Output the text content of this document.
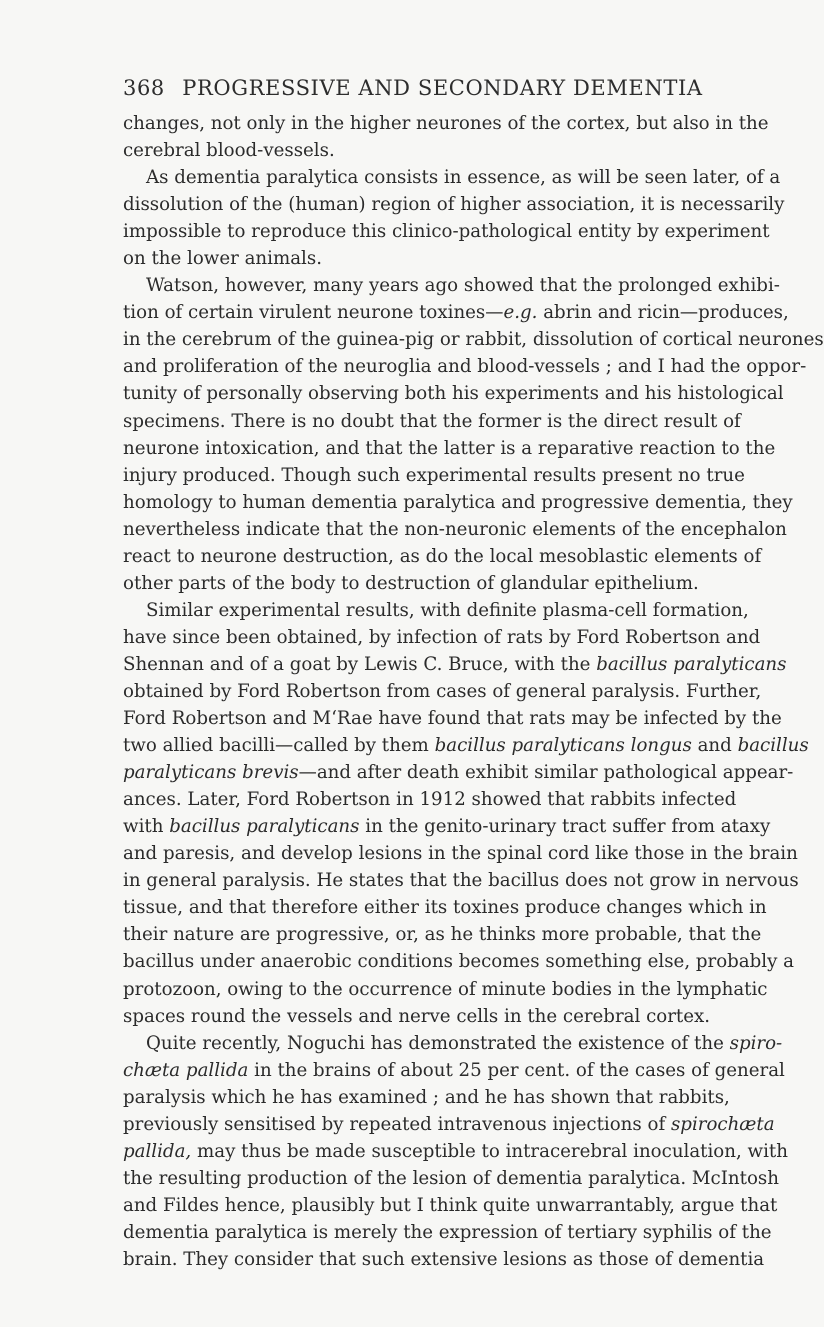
368 PROGRESSIVE AND SECONDARY DEMENTIA
changes, not only in the higher neurones of the cortex, but also in the
cerebral blood-vessels.
As dementia paralytica consists in essence, as will be seen later, of a
dissolution of the (human) region of higher association, it is necessarily
impossible to reproduce this clinico-pathological entity by experiment
on the lower animals.
Watson, however, many years ago showed that the prolonged exhibi-
tion of certain virulent neurone toxines—e.g. abrin and ricin—produces,
in the cerebrum of the guinea-pig or rabbit, dissolution of cortical neurones
and proliferation of the neuroglia and blood-vessels ; and I had the oppor-
tunity of personally observing both his experiments and his histological
specimens. There is no doubt that the former is the direct result of
neurone intoxication, and that the latter is a reparative reaction to the
injury produced. Though such experimental results present no true
homology to human dementia paralytica and progressive dementia, they
nevertheless indicate that the non-neuronic elements of the encephalon
react to neurone destruction, as do the local mesoblastic elements of
other parts of the body to destruction of glandular epithelium.
Similar experimental results, with definite plasma-cell formation,
have since been obtained, by infection of rats by Ford Robertson and
Shennan and of a goat by Lewis C. Bruce, with the bacillus paralyticans
obtained by Ford Robertson from cases of general paralysis. Further,
Ford Robertson and M‘Rae have found that rats may be infected by the
two allied bacilli—called by them bacillus paralyticans longus and bacillus
paralyticans brevis—and after death exhibit similar pathological appear-
ances. Later, Ford Robertson in 1912 showed that rabbits infected
with bacillus paralyticans in the genito-urinary tract suffer from ataxy
and paresis, and develop lesions in the spinal cord like those in the brain
in general paralysis. He states that the bacillus does not grow in nervous
tissue, and that therefore either its toxines produce changes which in
their nature are progressive, or, as he thinks more probable, that the
bacillus under anaerobic conditions becomes something else, probably a
protozoon, owing to the occurrence of minute bodies in the lymphatic
spaces round the vessels and nerve cells in the cerebral cortex.
Quite recently, Noguchi has demonstrated the existence of the spiro-
chæta pallida in the brains of about 25 per cent. of the cases of general
paralysis which he has examined ; and he has shown that rabbits,
previously sensitised by repeated intravenous injections of spirochæta
pallida, may thus be made susceptible to intracerebral inoculation, with
the resulting production of the lesion of dementia paralytica. McIntosh
and Fildes hence, plausibly but I think quite unwarrantably, argue that
dementia paralytica is merely the expression of tertiary syphilis of the
brain. They consider that such extensive lesions as those of dementia
